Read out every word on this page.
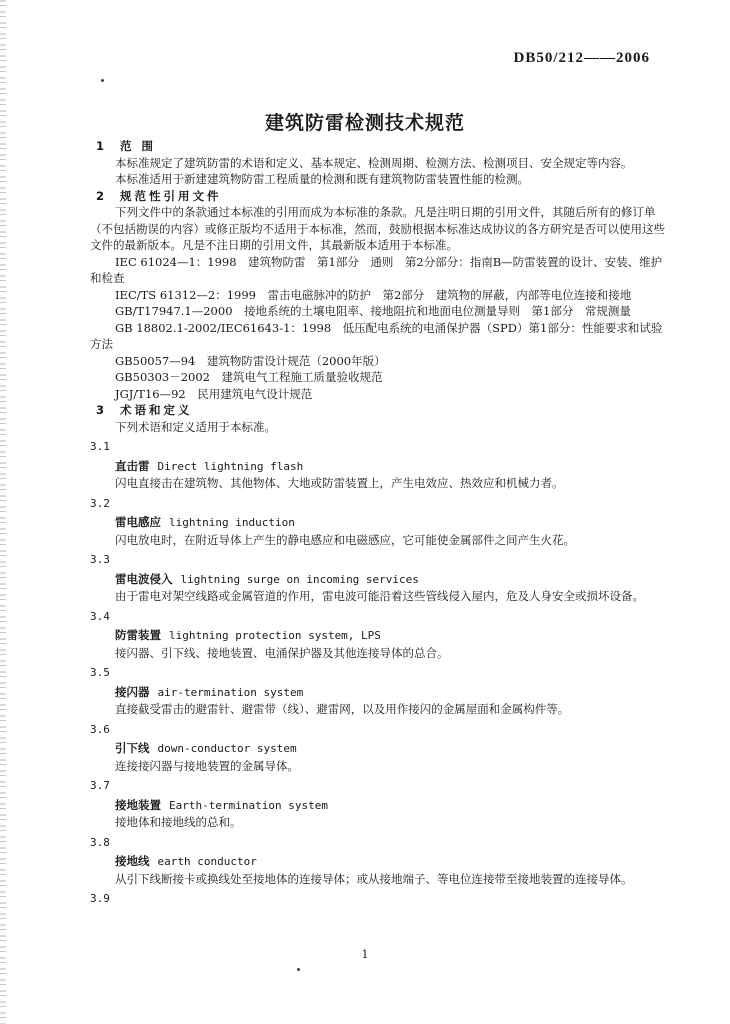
DB50/212——2006
建筑防雷检测技术规范
1 范 围

本标准规定了建筑防雷的术语和定义、基本规定、检测周期、检测方法、检测项目、安全规定等内容。

本标准适用于新建建筑物防雷工程质量的检测和既有建筑物防雷装置性能的检测。

2 规范性引用文件

下列文件中的条款通过本标准的引用而成为本标准的条款。凡是注明日期的引用文件，其随后所有的修订单（不包括勘误的内容）或修正版均不适用于本标准，然而，鼓励根据本标准达成协议的各方研究是否可以使用这些文件的最新版本。凡是不注日期的引用文件，其最新版本适用于本标准。

IEC 61024—1：1998　建筑物防雷　第1部分　通则　第2分部分：指南B—防雷装置的设计、安装、维护和检查

IEC/TS 61312—2：1999　雷击电磁脉冲的防护　第2部分　建筑物的屏蔽，内部等电位连接和接地

GB/T17947.1—2000　接地系统的土壤电阻率、接地阻抗和地面电位测量导则　第1部分　常规测量

GB 18802.1-2002/IEC61643-1：1998　低压配电系统的电涌保护器（SPD）第1部分：性能要求和试验方法

GB50057—94　建筑物防雷设计规范（2000年版）

GB50303－2002　建筑电气工程施工质量验收规范

JGJ/T16—92　民用建筑电气设计规范

3 术语和定义

下列术语和定义适用于本标准。

3.1

直击雷 Direct lightning flash

闪电直接击在建筑物、其他物体、大地或防雷装置上，产生电效应、热效应和机械力者。

3.2

雷电感应 lightning induction

闪电放电时，在附近导体上产生的静电感应和电磁感应，它可能使金属部件之间产生火花。

3.3

雷电波侵入 lightning surge on incoming services

由于雷电对架空线路或金属管道的作用，雷电波可能沿着这些管线侵入屋内，危及人身安全或损坏设备。

3.4

防雷装置 lightning protection system, LPS

接闪器、引下线、接地装置、电涌保护器及其他连接导体的总合。

3.5

接闪器 air-termination system

直接截受雷击的避雷针、避雷带（线）、避雷网，以及用作接闪的金属屋面和金属构件等。

3.6

引下线 down-conductor system

连接接闪器与接地装置的金属导体。

3.7

接地装置 Earth-termination system

接地体和接地线的总和。

3.8

接地线 earth conductor

从引下线断接卡或换线处至接地体的连接导体；或从接地端子、等电位连接带至接地装置的连接导体。

3.9
1
